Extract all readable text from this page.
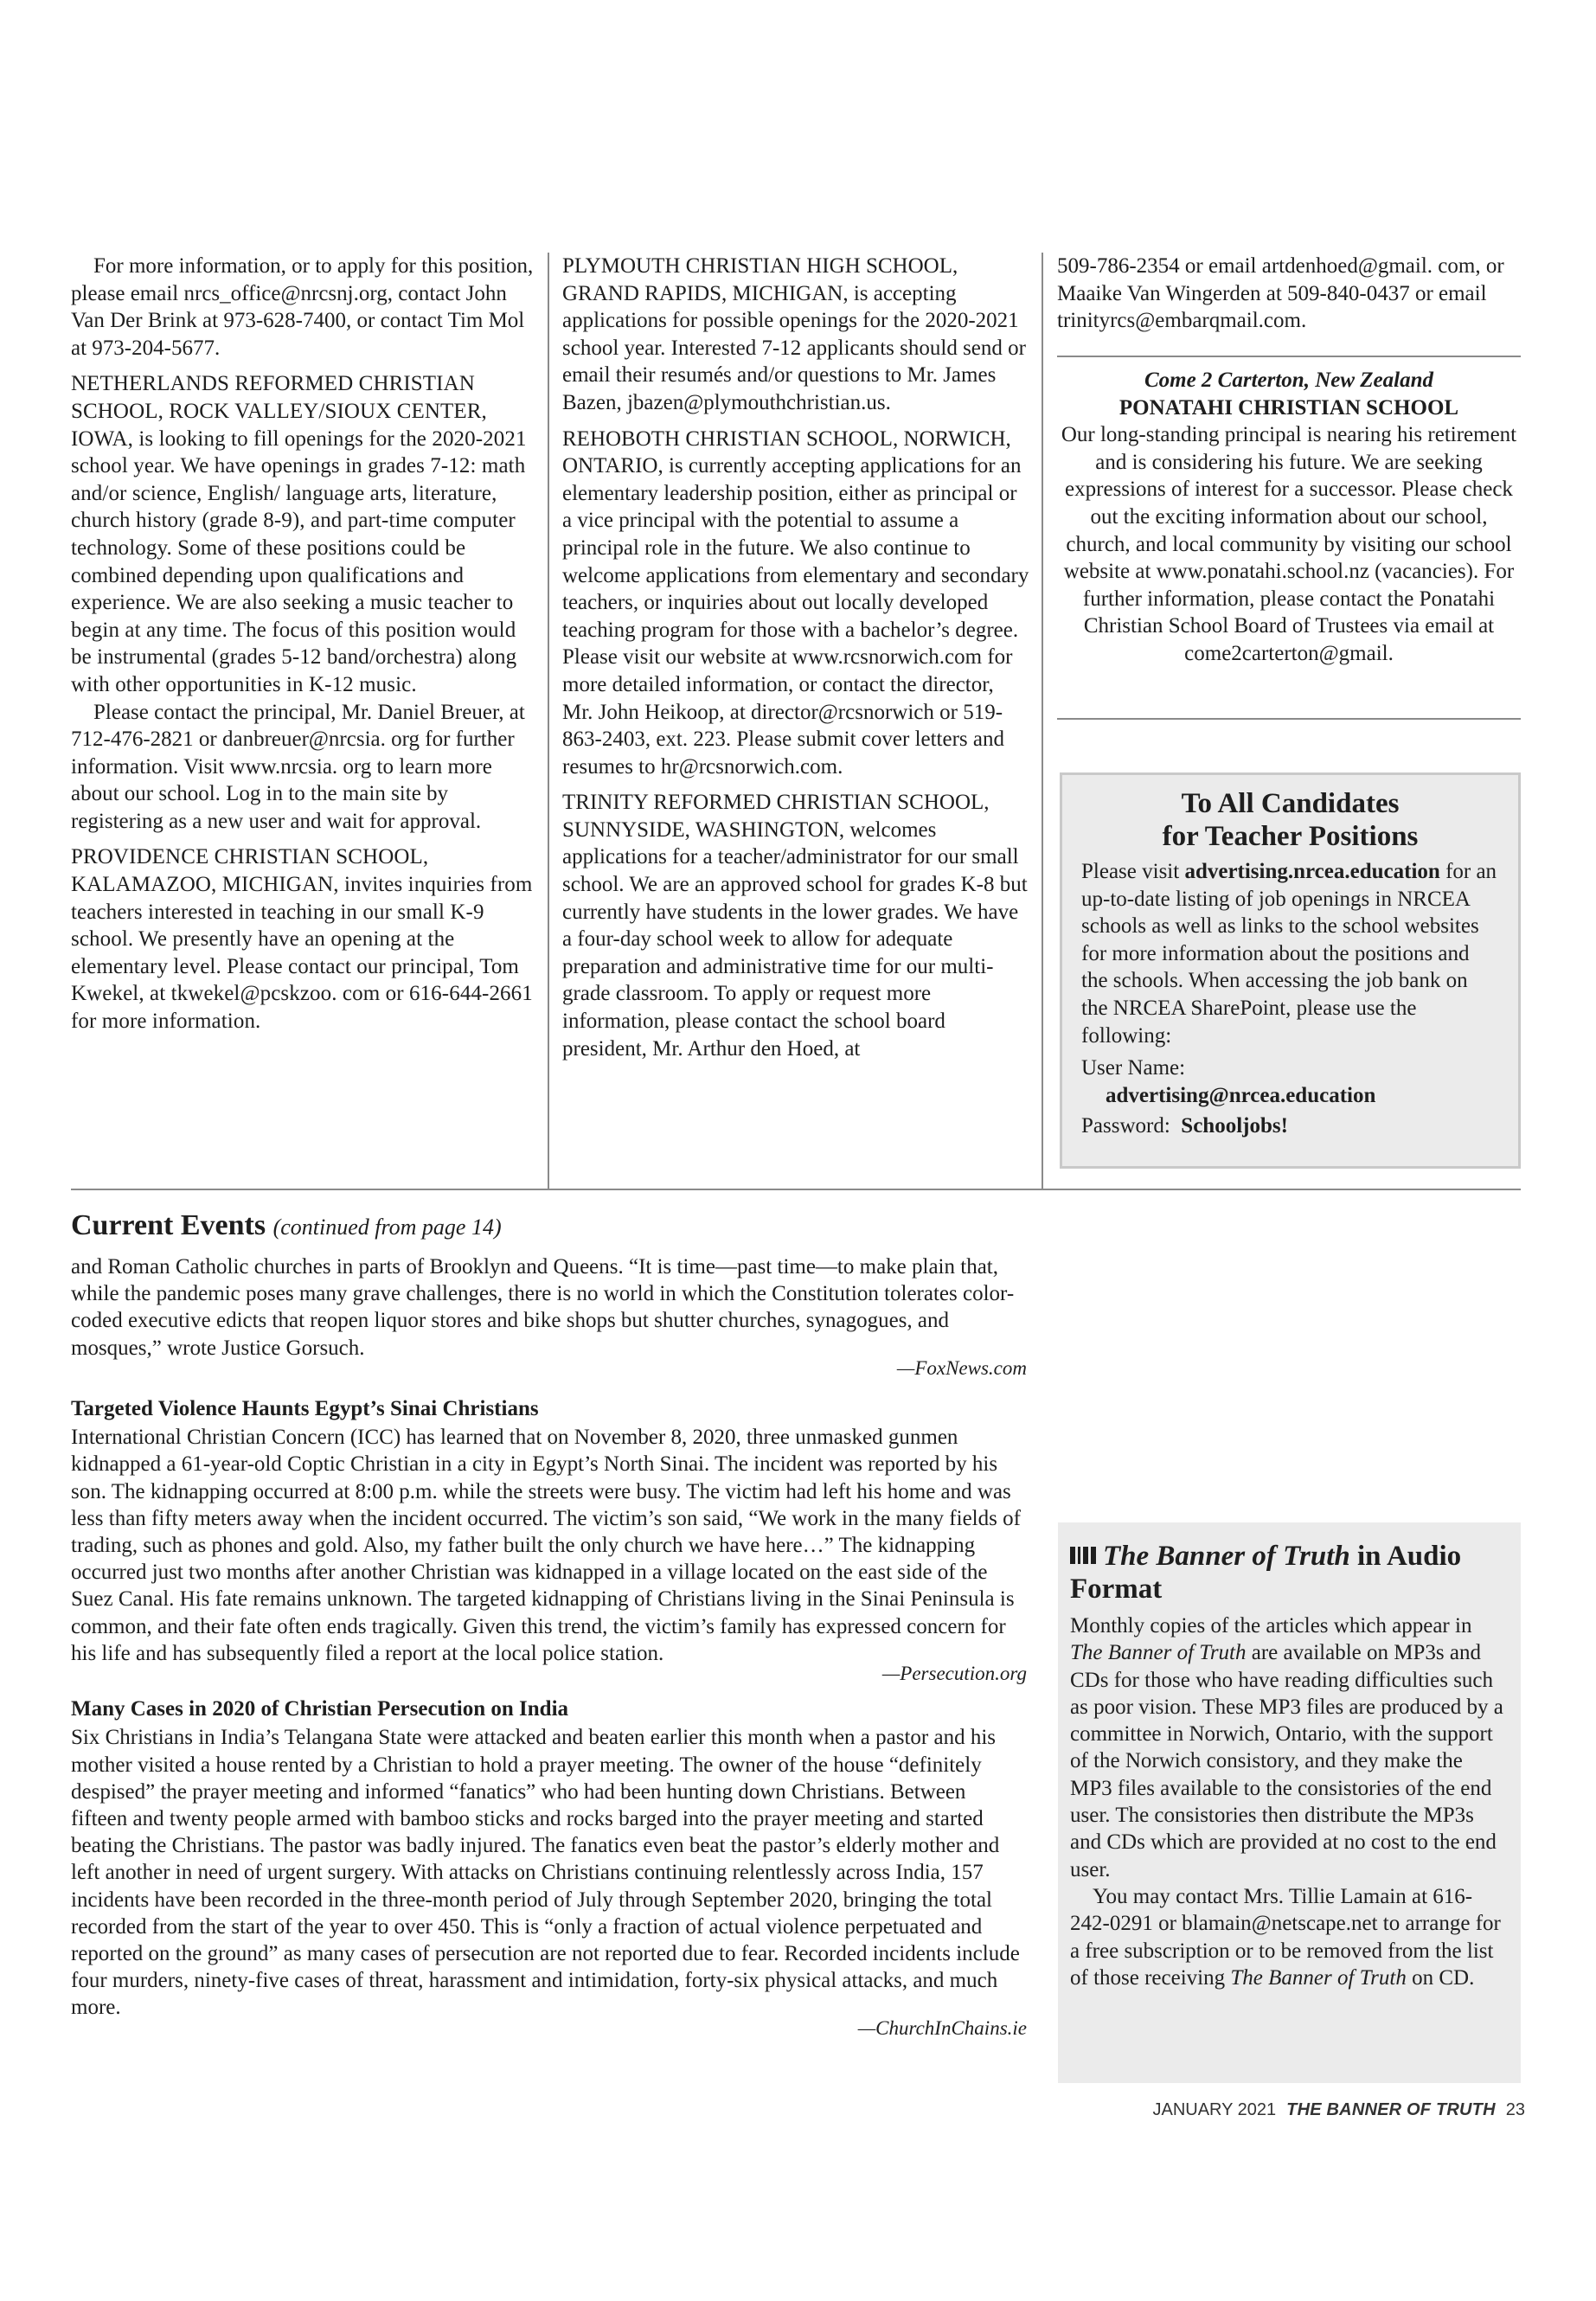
For more information, or to apply for this position, please email nrcs_office@nrcsnj.org, contact John Van Der Brink at 973-628-7400, or contact Tim Mol at 973-204-5677.

NETHERLANDS REFORMED CHRISTIAN SCHOOL, ROCK VALLEY/SIOUX CENTER, IOWA, is looking to fill openings for the 2020-2021 school year. We have openings in grades 7-12: math and/or science, English/ language arts, literature, church history (grade 8-9), and part-time computer technology. Some of these positions could be combined depending upon qualifications and experience. We are also seeking a music teacher to begin at any time. The focus of this position would be instrumental (grades 5-12 band/orchestra) along with other opportunities in K-12 music.

Please contact the principal, Mr. Daniel Breuer, at 712-476-2821 or danbreuer@nrcsia. org for further information. Visit www.nrcsia. org to learn more about our school. Log in to the main site by registering as a new user and wait for approval.

PROVIDENCE CHRISTIAN SCHOOL, KALAMAZOO, MICHIGAN, invites inquiries from teachers interested in teaching in our small K-9 school. We presently have an opening at the elementary level. Please contact our principal, Tom Kwekel, at tkwekel@pcskzoo. com or 616-644-2661 for more information.

PLYMOUTH CHRISTIAN HIGH SCHOOL, GRAND RAPIDS, MICHIGAN, is accepting applications for possible openings for the 2020-2021 school year. Interested 7-12 applicants should send or email their resumés and/or questions to Mr. James Bazen, jbazen@plymouthchristian.us.

REHOBOTH CHRISTIAN SCHOOL, NORWICH, ONTARIO, is currently accepting applications for an elementary leadership position, either as principal or a vice principal with the potential to assume a principal role in the future. We also continue to welcome applications from elementary and secondary teachers, or inquiries about out locally developed teaching program for those with a bachelor’s degree. Please visit our website at www.rcsnorwich.com for more detailed information, or contact the director, Mr. John Heikoop, at director@rcsnorwich or 519-863-2403, ext. 223. Please submit cover letters and resumes to hr@rcsnorwich.com.

TRINITY REFORMED CHRISTIAN SCHOOL, SUNNYSIDE, WASHINGTON, welcomes applications for a teacher/administrator for our small school. We are an approved school for grades K-8 but currently have students in the lower grades. We have a four-day school week to allow for adequate preparation and administrative time for our multi-grade classroom. To apply or request more information, please contact the school board president, Mr. Arthur den Hoed, at

509-786-2354 or email artdenhoed@gmail. com, or Maaike Van Wingerden at 509-840-0437 or email trinityrcs@embarqmail.com.

Come 2 Carterton, New Zealand

PONATAHI CHRISTIAN SCHOOL

Our long-standing principal is nearing his retirement and is considering his future. We are seeking expressions of interest for a successor. Please check out the exciting information about our school, church, and local community by visiting our school website at www.ponatahi.school.nz (vacancies). For further information, please contact the Ponatahi Christian School Board of Trustees via email at come2carterton@gmail.

To All Candidates
for Teacher Positions

Please visit advertising.nrcea.education for an up-to-date listing of job openings in NRCEA schools as well as links to the school websites for more information about the positions and the schools. When accessing the job bank on the NRCEA SharePoint, please use the following:

User Name:

advertising@nrcea.education

Password: Schooljobs!

Current Events (continued from page 14)

and Roman Catholic churches in parts of Brooklyn and Queens. “It is time—past time—to make plain that, while the pandemic poses many grave challenges, there is no world in which the Constitution tolerates color-coded executive edicts that reopen liquor stores and bike shops but shutter churches, synagogues, and mosques,” wrote Justice Gorsuch.

—FoxNews.com

Targeted Violence Haunts Egypt’s Sinai Christians

International Christian Concern (ICC) has learned that on November 8, 2020, three unmasked gunmen kidnapped a 61-year-old Coptic Christian in a city in Egypt’s North Sinai. The incident was reported by his son. The kidnapping occurred at 8:00 p.m. while the streets were busy. The victim had left his home and was less than fifty meters away when the incident occurred. The victim’s son said, “We work in the many fields of trading, such as phones and gold. Also, my father built the only church we have here…” The kidnapping occurred just two months after another Christian was kidnapped in a village located on the east side of the Suez Canal. His fate remains unknown. The targeted kidnapping of Christians living in the Sinai Peninsula is common, and their fate often ends tragically. Given this trend, the victim’s family has expressed concern for his life and has subsequently filed a report at the local police station.

—Persecution.org

Many Cases in 2020 of Christian Persecution on India

Six Christians in India’s Telangana State were attacked and beaten earlier this month when a pastor and his mother visited a house rented by a Christian to hold a prayer meeting. The owner of the house “definitely despised” the prayer meeting and informed “fanatics” who had been hunting down Christians. Between fifteen and twenty people armed with bamboo sticks and rocks barged into the prayer meeting and started beating the Christians. The pastor was badly injured. The fanatics even beat the pastor’s elderly mother and left another in need of urgent surgery. With attacks on Christians continuing relentlessly across India, 157 incidents have been recorded in the three-month period of July through September 2020, bringing the total recorded from the start of the year to over 450. This is “only a fraction of actual violence perpetuated and reported on the ground” as many cases of persecution are not reported due to fear. Recorded incidents include four murders, ninety-five cases of threat, harassment and intimidation, forty-six physical attacks, and much more.

—ChurchInChains.ie

The Banner of Truth in Audio Format

Monthly copies of the articles which appear in The Banner of Truth are available on MP3s and CDs for those who have reading difficulties such as poor vision. These MP3 files are produced by a committee in Norwich, Ontario, with the support of the Norwich consistory, and they make the MP3 files available to the consistories of the end user. The consistories then distribute the MP3s and CDs which are provided at no cost to the end user.

You may contact Mrs. Tillie Lamain at 616-242-0291 or blamain@netscape.net to arrange for a free subscription or to be removed from the list of those receiving The Banner of Truth on CD.

JANUARY 2021 THE BANNER OF TRUTH 23
